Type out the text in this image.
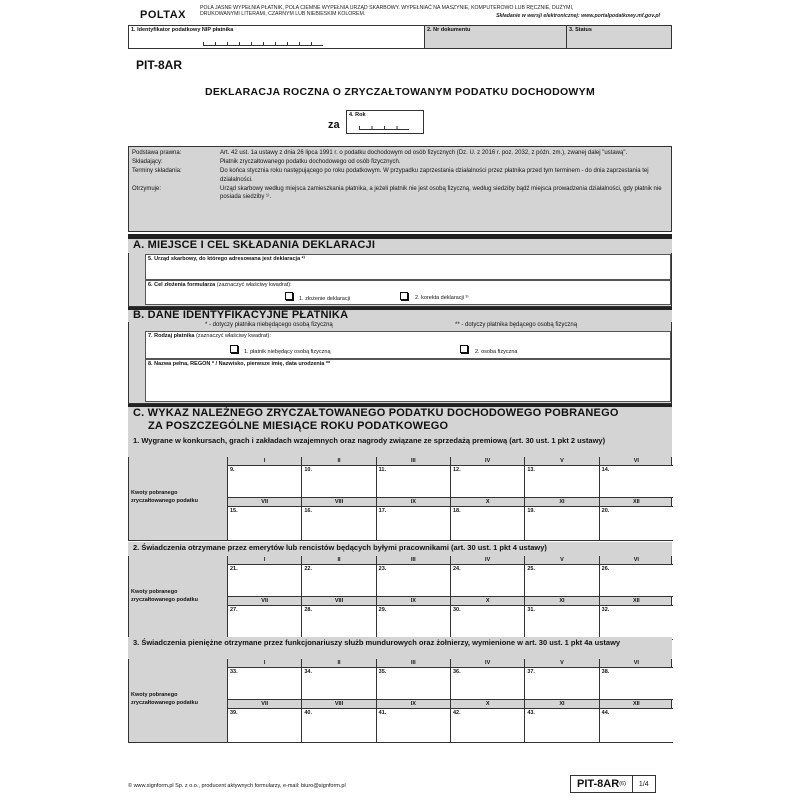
POLTAX
POLA JASNE WYPEŁNIA PŁATNIK, POLA CIEMNE WYPEŁNIA URZĄD SKARBOWY. WYPEŁNIAĆ NA MASZYNIE, KOMPUTEROWO LUB RĘCZNIE, DUŻYMI,
DRUKOWANYMI LITERAMI, CZARNYM LUB NIEBIESKIM KOLOREM.	Składanie w wersji elektronicznej: www.portalpodatkowy.mf.gov.pl
1. Identyfikator podatkowy NIP płatnika	2. Nr dokumentu	3. Status
PIT-8AR
DEKLARACJA ROCZNA O ZRYCZAŁTOWANYM PODATKU DOCHODOWYM
za
4. Rok
Podstawa prawna:	Art. 42 ust. 1a ustawy z dnia 26 lipca 1991 r. o podatku dochodowym od osób fizycznych (Dz. U. z 2016 r. poz. 2032, z późn. zm.), zwanej dalej "ustawą".
Składający:	Płatnik zryczałtowanego podatku dochodowego od osób fizycznych.
Terminy składania:	Do końca stycznia roku następującego po roku podatkowym. W przypadku zaprzestania działalności przez płatnika przed tym terminem - do dnia zaprzestania tej działalności.
Otrzymuje:	Urząd skarbowy według miejsca zamieszkania płatnika, a jeżeli płatnik nie jest osobą fizyczną, według siedziby bądź miejsca prowadzenia działalności, gdy płatnik nie posiada siedziby ¹⁾.
A. MIEJSCE I CEL SKŁADANIA DEKLARACJI
5. Urząd skarbowy, do którego adresowana jest deklaracja ²⁾
6. Cel złożenia formularza (zaznaczyć właściwy kwadrat):
1. złożenie deklaracji	2. korekta deklaracji ³⁾
B. DANE IDENTYFIKACYJNE PŁATNIKA
* - dotyczy płatnika niebędącego osobą fizyczną	** - dotyczy płatnika będącego osobą fizyczną
7. Rodzaj płatnika (zaznaczyć właściwy kwadrat):
1. płatnik niebędący osobą fizyczną	2. osoba fizyczna
8. Nazwa pełna, REGON * / Nazwisko, pierwsze imię, data urodzenia **
C. WYKAZ NALEŻNEGO ZRYCZAŁTOWANEGO PODATKU DOCHODOWEGO POBRANEGO
ZA POSZCZEGÓLNE MIESIĄCE ROKU PODATKOWEGO
1. Wygrane w konkursach, grach i zakładach wzajemnych oraz nagrody związane ze sprzedażą premiową (art. 30 ust. 1 pkt 2 ustawy)
Kwoty pobranego
zryczałtowanego podatku
I	II	III	IV	V	VI
9.	10.	11.	12.	13.	14.
VII	VIII	IX	X	XI	XII
15.	16.	17.	18.	19.	20.
2. Świadczenia otrzymane przez emerytów lub rencistów będących byłymi pracownikami (art. 30 ust. 1 pkt 4 ustawy)
Kwoty pobranego
zryczałtowanego podatku
I	II	III	IV	V	VI
21.	22.	23.	24.	25.	26.
VII	VIII	IX	X	XI	XII
27.	28.	29.	30.	31.	32.
3. Świadczenia pieniężne otrzymane przez funkcjonariuszy służb mundurowych oraz żołnierzy, wymienione w art. 30 ust. 1 pkt 4a ustawy
Kwoty pobranego
zryczałtowanego podatku
I	II	III	IV	V	VI
33.	34.	35.	36.	37.	38.
VII	VIII	IX	X	XI	XII
39.	40.	41.	42.	43.	44.
© www.signform.pl Sp. z o.o., producent aktywnych formularzy, e-mail: biuro@signform.pl	PIT-8AR (6)	1/4
